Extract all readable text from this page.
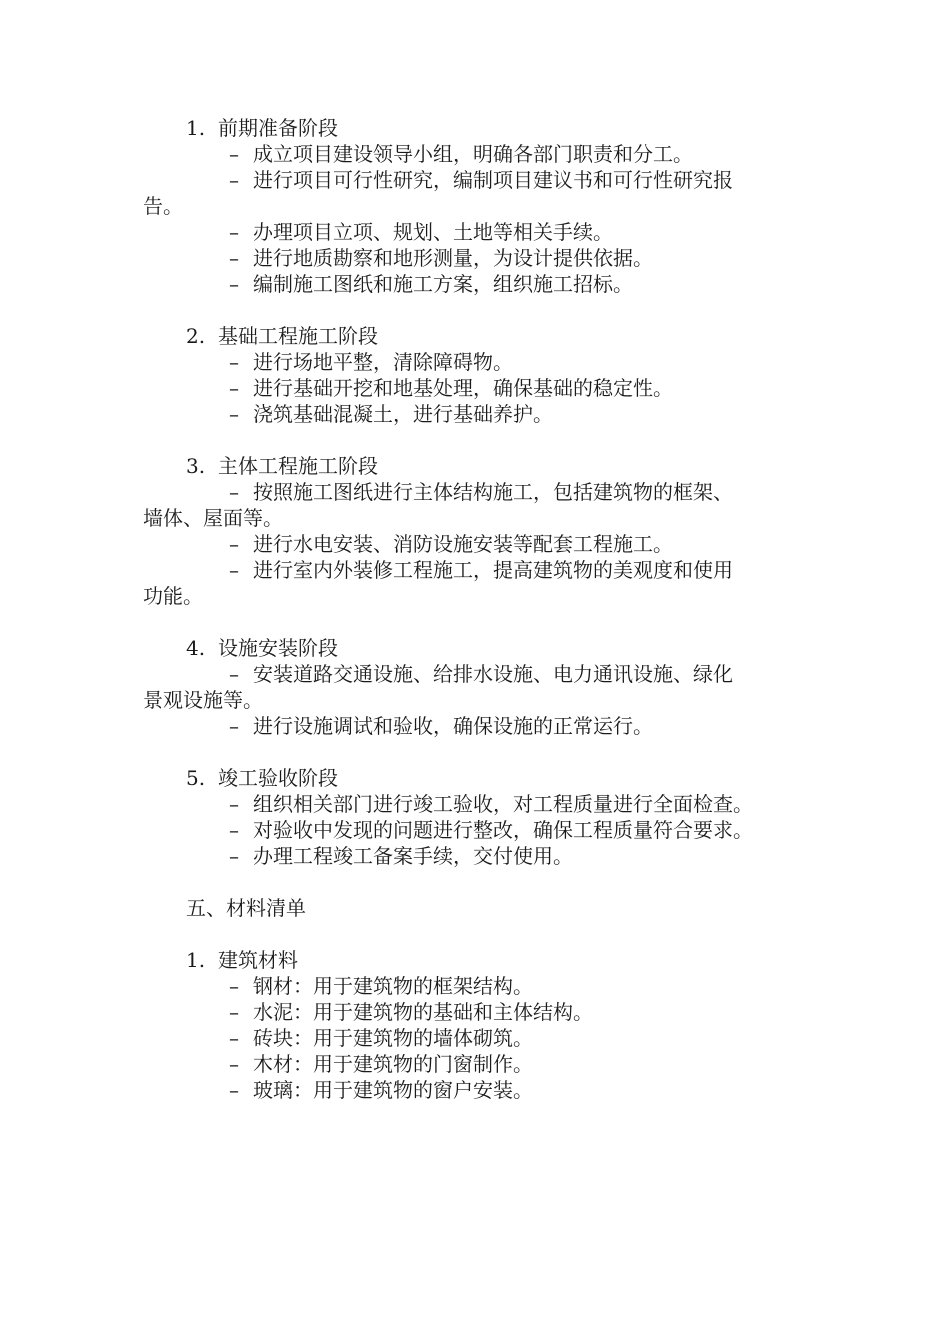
1. 前期准备阶段
– 成立项目建设领导小组，明确各部门职责和分工。
– 进行项目可行性研究，编制项目建议书和可行性研究报
告。
– 办理项目立项、规划、土地等相关手续。
– 进行地质勘察和地形测量，为设计提供依据。
– 编制施工图纸和施工方案，组织施工招标。
2. 基础工程施工阶段
– 进行场地平整，清除障碍物。
– 进行基础开挖和地基处理，确保基础的稳定性。
– 浇筑基础混凝土，进行基础养护。
3. 主体工程施工阶段
– 按照施工图纸进行主体结构施工，包括建筑物的框架、
墙体、屋面等。
– 进行水电安装、消防设施安装等配套工程施工。
– 进行室内外装修工程施工，提高建筑物的美观度和使用
功能。
4. 设施安装阶段
– 安装道路交通设施、给排水设施、电力通讯设施、绿化
景观设施等。
– 进行设施调试和验收，确保设施的正常运行。
5. 竣工验收阶段
– 组织相关部门进行竣工验收，对工程质量进行全面检查。
– 对验收中发现的问题进行整改，确保工程质量符合要求。
– 办理工程竣工备案手续，交付使用。
五、材料清单
1. 建筑材料
– 钢材：用于建筑物的框架结构。
– 水泥：用于建筑物的基础和主体结构。
– 砖块：用于建筑物的墙体砌筑。
– 木材：用于建筑物的门窗制作。
– 玻璃：用于建筑物的窗户安装。
